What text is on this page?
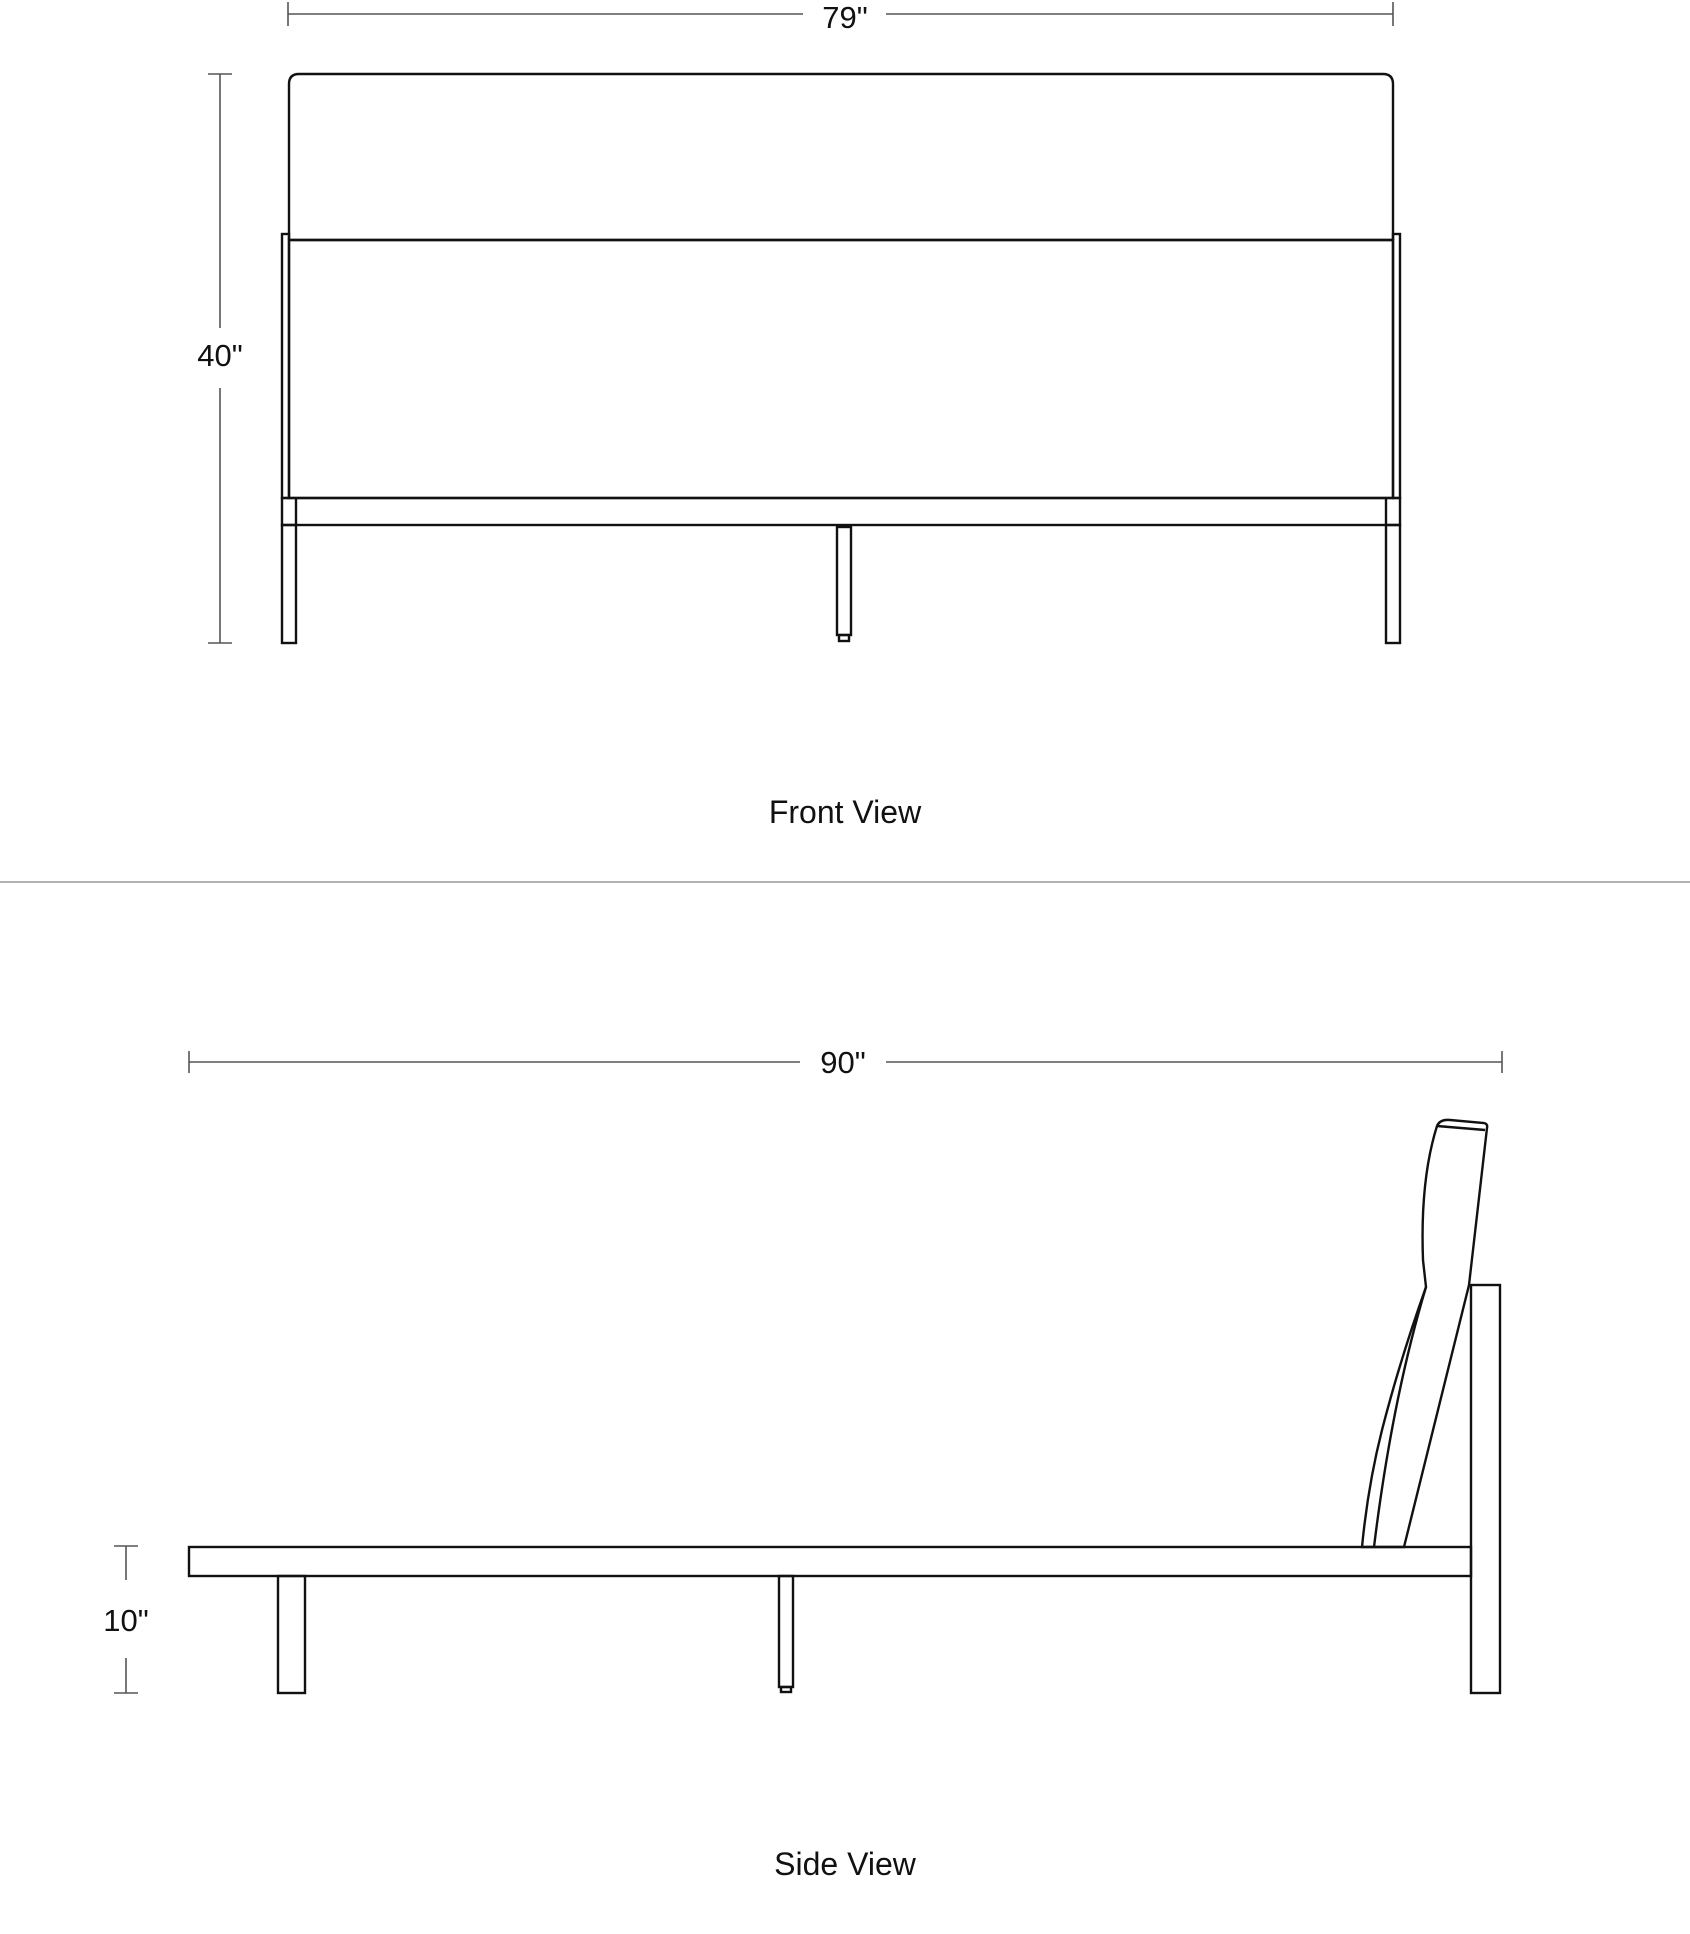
79"
40"
Front View
90"
10"
Side View
